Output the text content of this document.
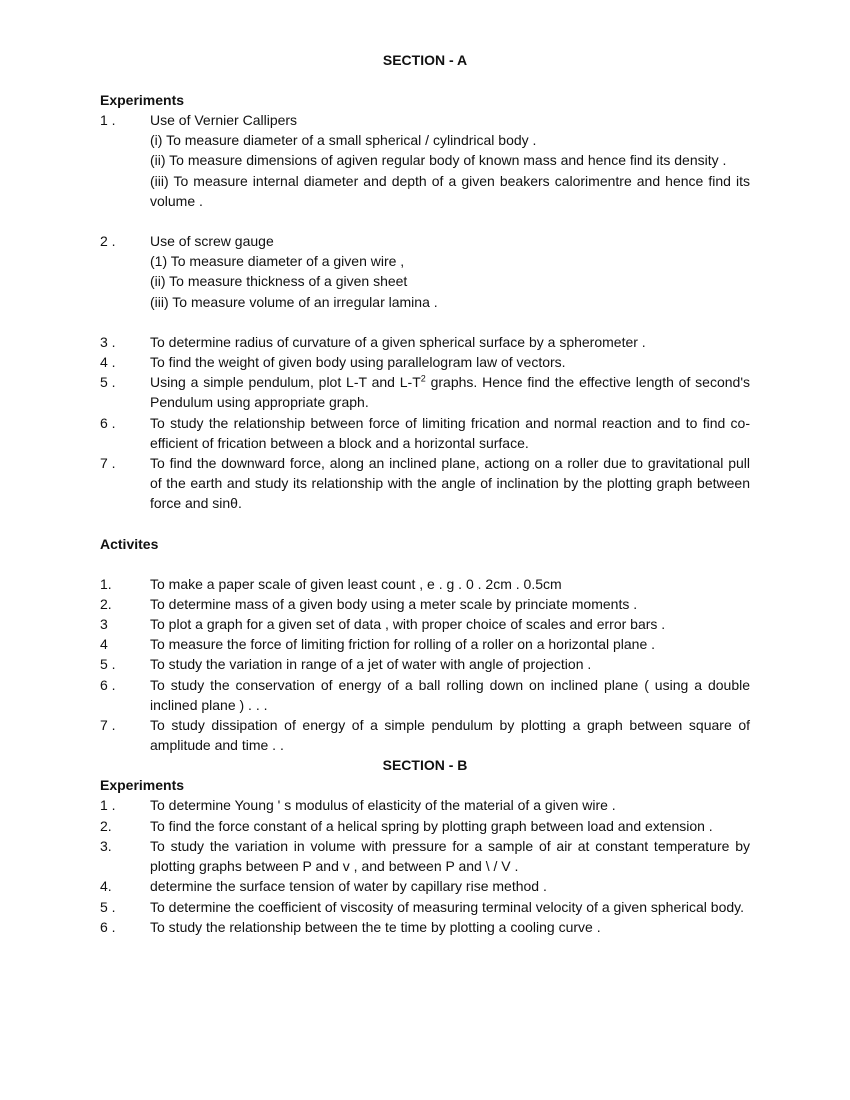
SECTION - A
Experiments
1 .	Use of Vernier Callipers
(i) To measure diameter of a small spherical / cylindrical body .
(ii) To measure dimensions of agiven regular body of known mass and hence find its density .
(iii) To measure internal diameter and depth of a given beakers calorimentre and hence find its volume .
2 .	Use of screw gauge
(1) To measure diameter of a given wire ,
(ii) To measure thickness of a given sheet
(iii) To measure volume of an irregular lamina .
3 .	To determine radius of curvature of a given spherical surface by a spherometer .
4 .	To find the weight of given body using parallelogram law of vectors.
5 .	Using a simple pendulum, plot L-T and $L-T^2$ graphs. Hence find the effective length of second's Pendulum using appropriate graph.
6 .	To study the relationship between force of limiting frication and normal reaction and to find co-efficient of frication between a block and a horizontal surface.
7 .	To find the downward force, along an inclined plane, actiong on a roller due to gravitational pull of the earth and study its relationship with the angle of inclination by the plotting graph between force and sinθ.
Activites
1.	To make a paper scale of given least count , e . g . 0 . 2cm . 0.5cm
2.	To determine mass of a given body using a meter scale by princiate moments .
3	To plot a graph for a given set of data , with proper choice of scales and error bars .
4	To measure the force of limiting friction for rolling of a roller on a horizontal plane .
5 .	To study the variation in range of a jet of water with angle of projection .
6 .	To study the conservation of energy of a ball rolling down on inclined plane ( using a double inclined plane ) . . .
7 .	To study dissipation of energy of a simple pendulum by plotting a graph between square of amplitude and time . .
SECTION - B
Experiments
1 .	To determine Young ' s modulus of elasticity of the material of a given wire .
2.	To find the force constant of a helical spring by plotting graph between load and extension .
3.	To study the variation in volume with pressure for a sample of air at constant temperature by plotting graphs between P and v , and between P and \ / V .
4.	determine the surface tension of water by capillary rise method .
5 .	To determine the coefficient of viscosity of measuring terminal velocity of a given spherical body.
6 .	To study the relationship between the te time by plotting a cooling curve .
